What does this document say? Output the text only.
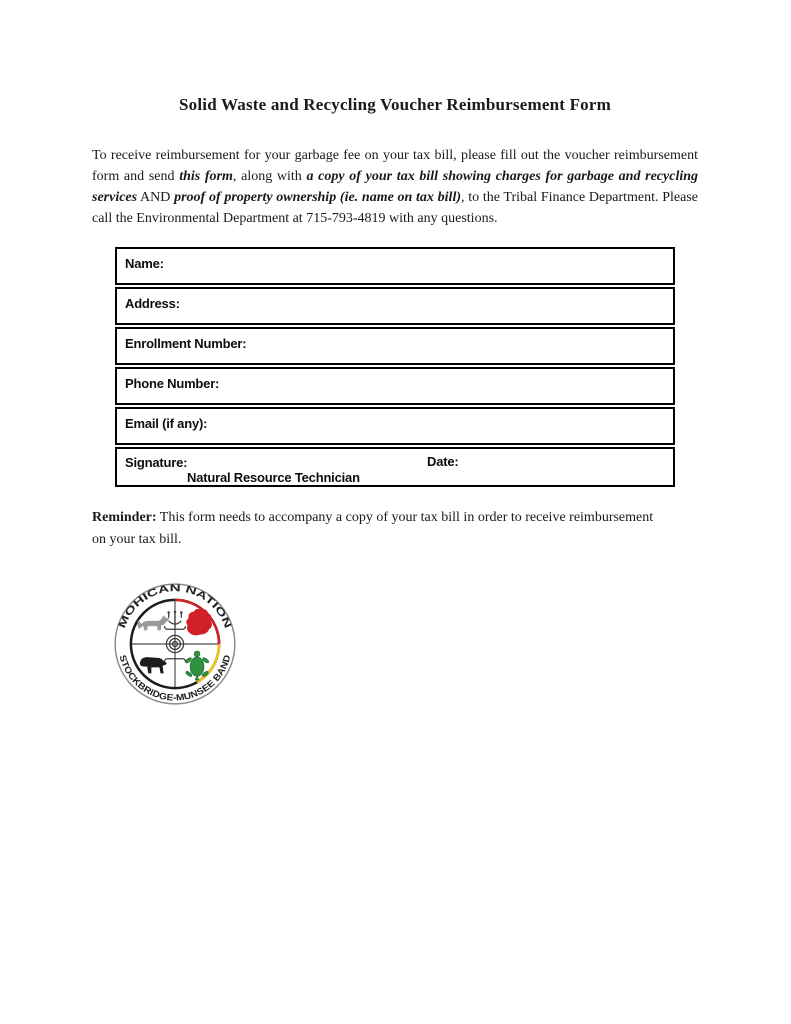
Solid Waste and Recycling Voucher Reimbursement Form

To receive reimbursement for your garbage fee on your tax bill, please fill out the voucher reimbursement form and send this form, along with a copy of your tax bill showing charges for garbage and recycling services AND proof of property ownership (ie. name on tax bill), to the Tribal Finance Department. Please call the Environmental Department at 715-793-4819 with any questions.

Name:
Address:
Enrollment Number:
Phone Number:
Email (if any):
Signature:	Date:
Natural Resource Technician

Reminder: This form needs to accompany a copy of your tax bill in order to receive reimbursement on your tax bill.

MOHICAN NATION
STOCKBRIDGE-MUNSEE BAND
